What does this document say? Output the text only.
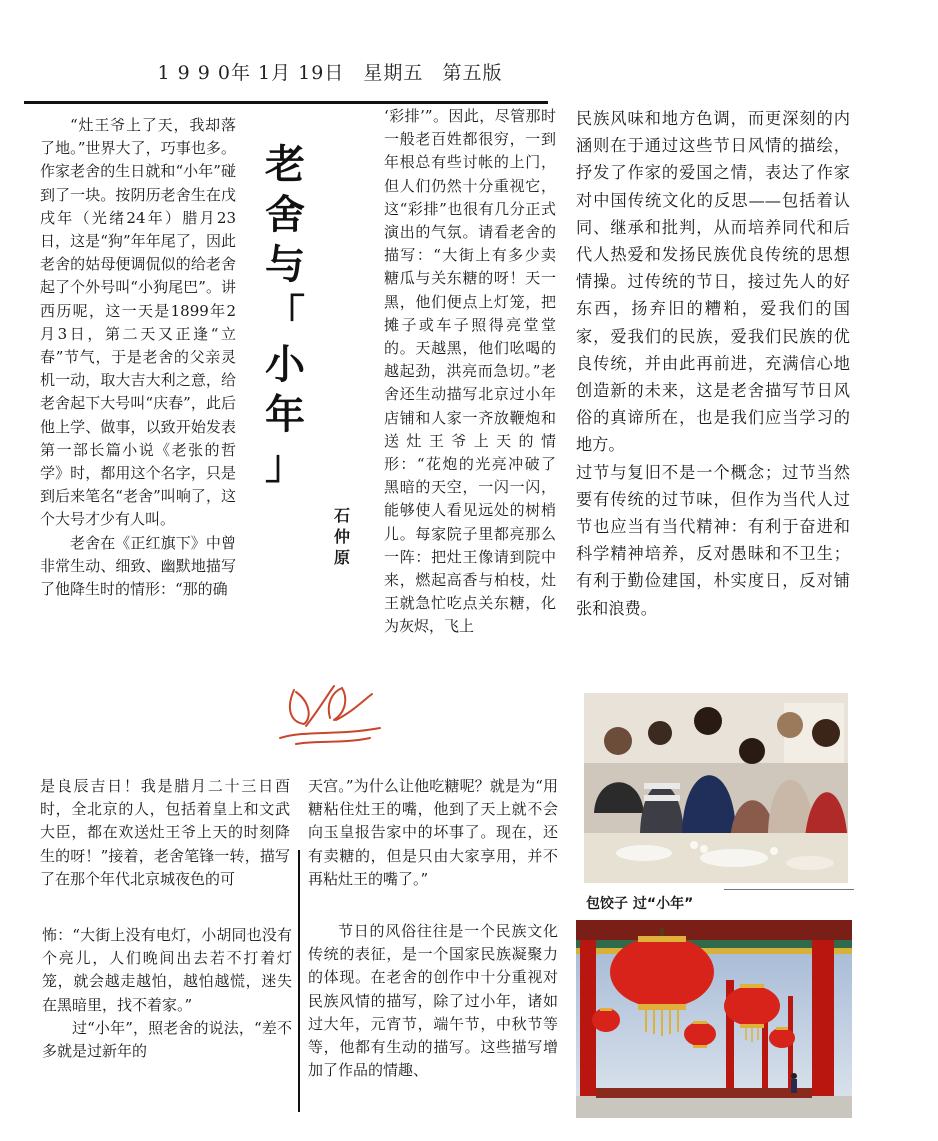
1 9 9 0年 1月 19日 星期五 第五版

“灶王爷上了天，我却落了地。”世界大了，巧事也多。作家老舍的生日就和“小年”碰到了一块。按阴历老舍生在戊戌年（光绪24年）腊月23日，这是“狗”年年尾了，因此老舍的姑母便调侃似的给老舍起了个外号叫“小狗尾巴”。讲西历呢，这一天是1899年2月3日，第二天又正逢“立春”节气，于是老舍的父亲灵机一动，取大吉大利之意，给老舍起下大号叫“庆春”，此后他上学、做事，以致开始发表第一部长篇小说《老张的哲学》时，都用这个名字，只是到后来笔名“老舍”叫响了，这个大号才少有人叫。

老舍在《正红旗下》中曾非常生动、细致、幽默地描写了他降生时的情形：“那的确

老
舍
与
「
小
年
」
石
仲
原

‘彩排’”。因此，尽管那时一般老百姓都很穷，一到年根总有些讨帐的上门，但人们仍然十分重视它，这“彩排”也很有几分正式演出的气氛。请看老舍的描写：“大街上有多少卖糖瓜与关东糖的呀！天一黑，他们便点上灯笼，把摊子或车子照得亮堂堂的。天越黑，他们吆喝的越起劲，洪亮而急切。”老舍还生动描写北京过小年店铺和人家一齐放鞭炮和送灶王爷上天的情形：“花炮的光亮冲破了黑暗的天空，一闪一闪，能够使人看见远处的树梢儿。每家院子里都亮那么一阵：把灶王像请到院中来，燃起高香与柏枝，灶王就急忙吃点关东糖，化为灰烬，飞上

是良辰吉日！我是腊月二十三日酉时，全北京的人，包括着皇上和文武大臣，都在欢送灶王爷上天的时刻降生的呀！”接着，老舍笔锋一转，描写了在那个年代北京城夜色的可

天宫。”为什么让他吃糖呢？就是为“用糖粘住灶王的嘴，他到了天上就不会向玉皇报告家中的坏事了。现在，还有卖糖的，但是只由大家享用，并不再粘灶王的嘴了。”

怖：“大街上没有电灯，小胡同也没有个亮儿，人们晚间出去若不打着灯笼，就会越走越怕，越怕越慌，迷失在黑暗里，找不着家。”

过“小年”，照老舍的说法，“差不多就是过新年的

节日的风俗往往是一个民族文化传统的表征，是一个国家民族凝聚力的体现。在老舍的创作中十分重视对民族风情的描写，除了过小年，诸如过大年，元宵节，端午节，中秋节等等，他都有生动的描写。这些描写增加了作品的情趣、

民族风味和地方色调，而更深刻的内涵则在于通过这些节日风情的描绘，抒发了作家的爱国之情，表达了作家对中国传统文化的反思——包括着认同、继承和批判，从而培养同代和后代人热爱和发扬民族优良传统的思想情操。过传统的节日，接过先人的好东西，扬弃旧的糟粕，爱我们的国家，爱我们的民族，爱我们民族的优良传统，并由此再前进，充满信心地创造新的未来，这是老舍描写节日风俗的真谛所在，也是我们应当学习的地方。

过节与复旧不是一个概念；过节当然要有传统的过节味，但作为当代人过节也应当有当代精神：有利于奋进和科学精神培养，反对愚昧和不卫生；有利于勤俭建国，朴实度日，反对铺张和浪费。

包饺子 过“小年”
